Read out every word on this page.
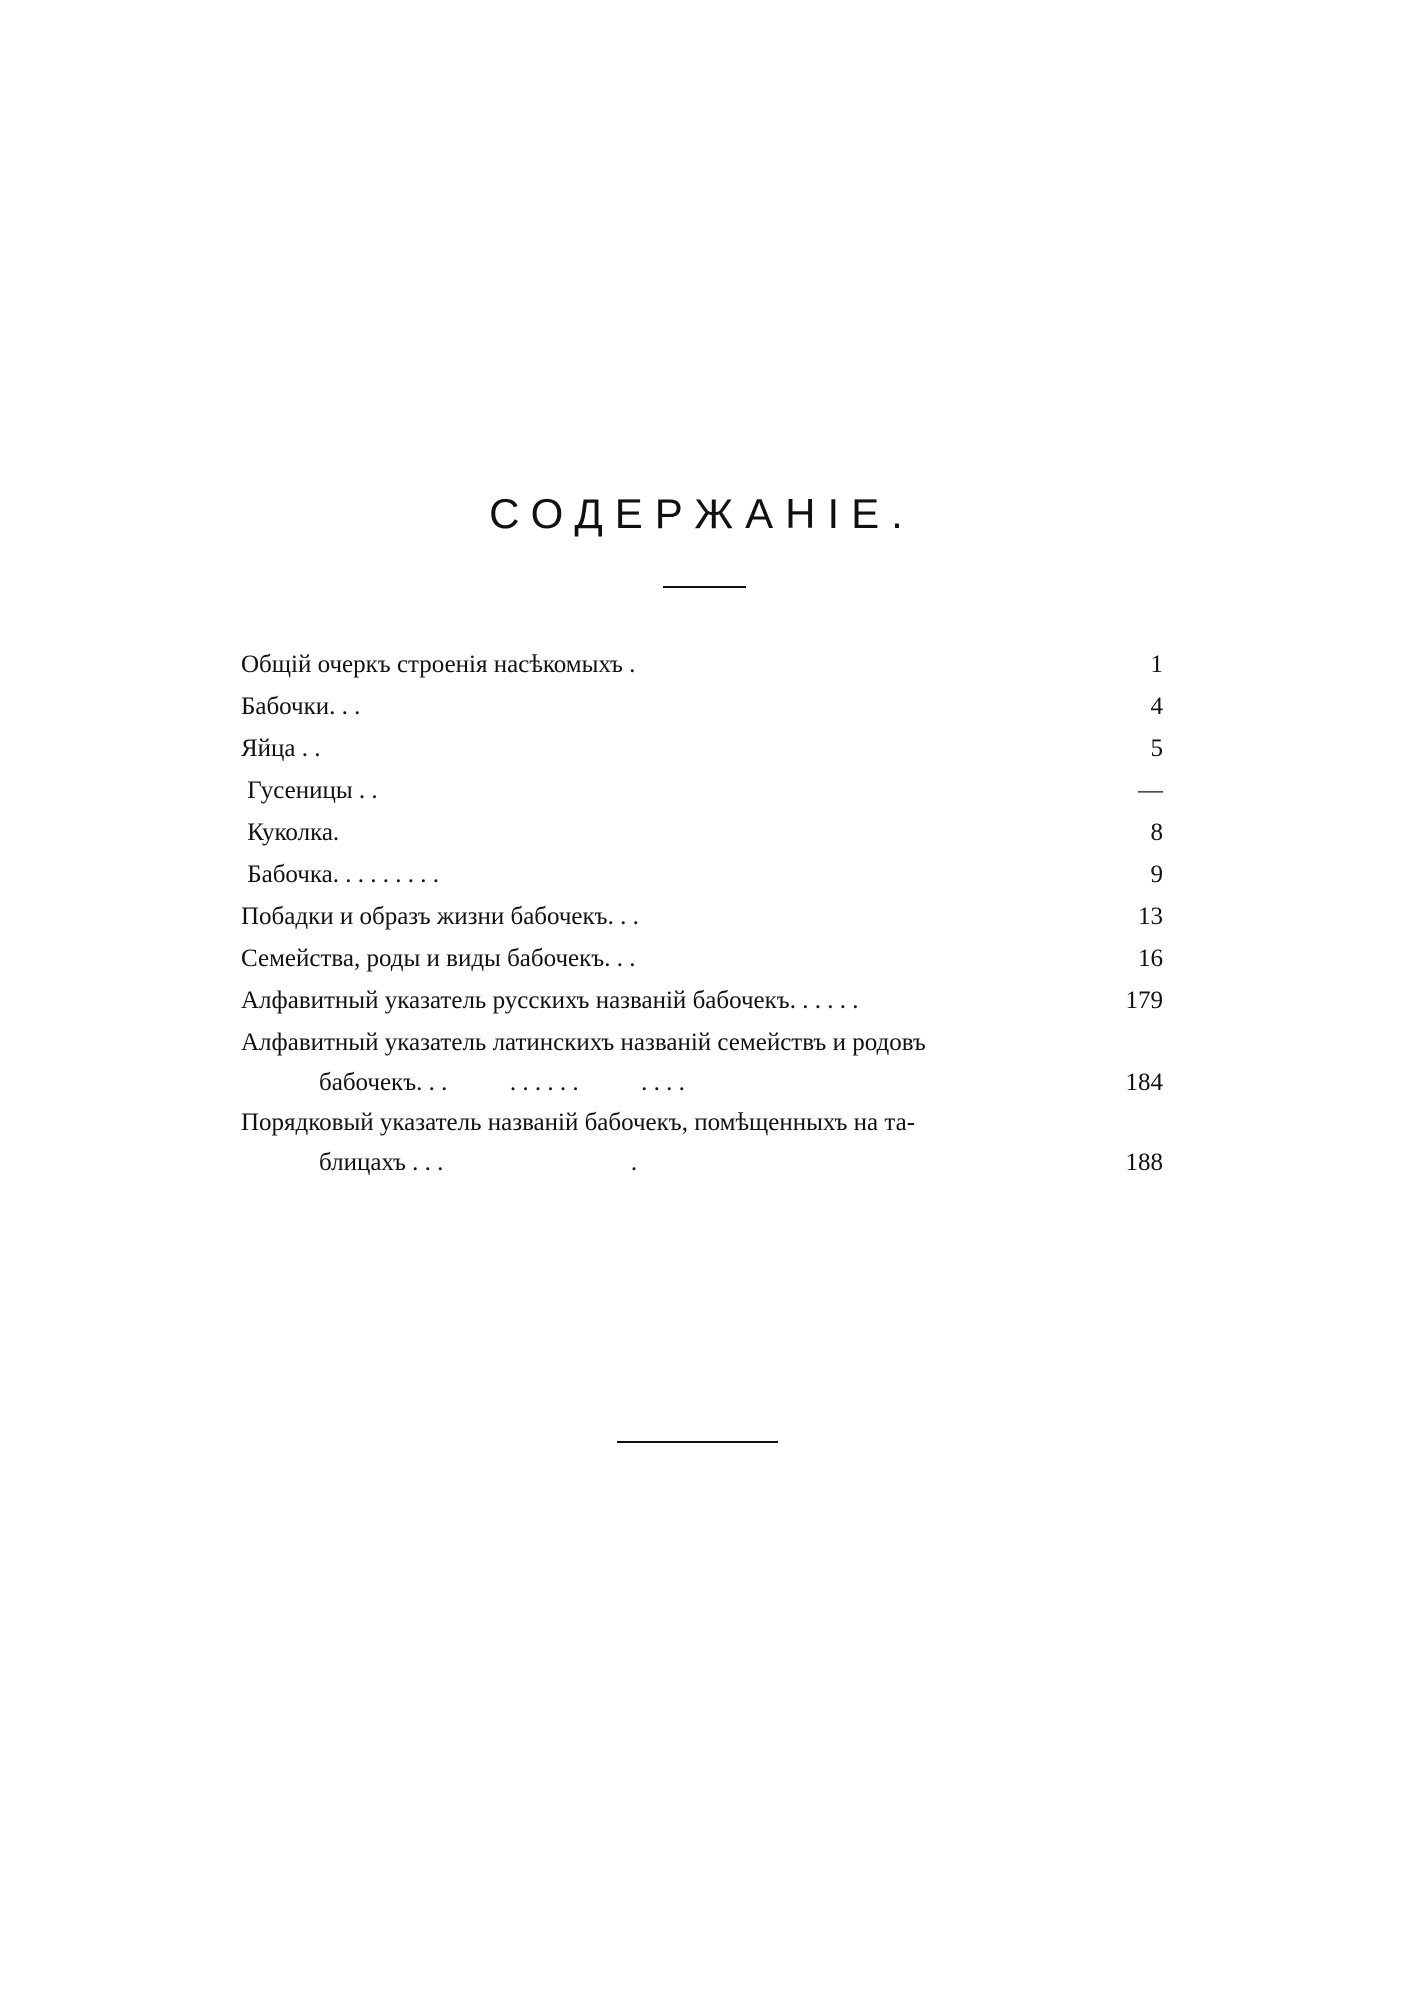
СОДЕРЖАНІЕ.
Общій очеркъ строенія насѣкомыхъ .	1
Бабочки. . .	4
Яйца . .	5
Гусеницы . .	—
Куколка.	8
Бабочка. . . . . . . . .	9
Побадки и образъ жизни бабочекъ. . .	13
Семейства, роды и виды бабочекъ. . .	16
Алфавитный указатель русскихъ названій бабочекъ. . . . . .	179
Алфавитный указатель латинскихъ названій семействъ и родовъ
бабочекъ. . .          . . . . . .          . . . .	184
Порядковый указатель названій бабочекъ, помѣщенныхъ на та-
блицахъ . . .                              .	188
